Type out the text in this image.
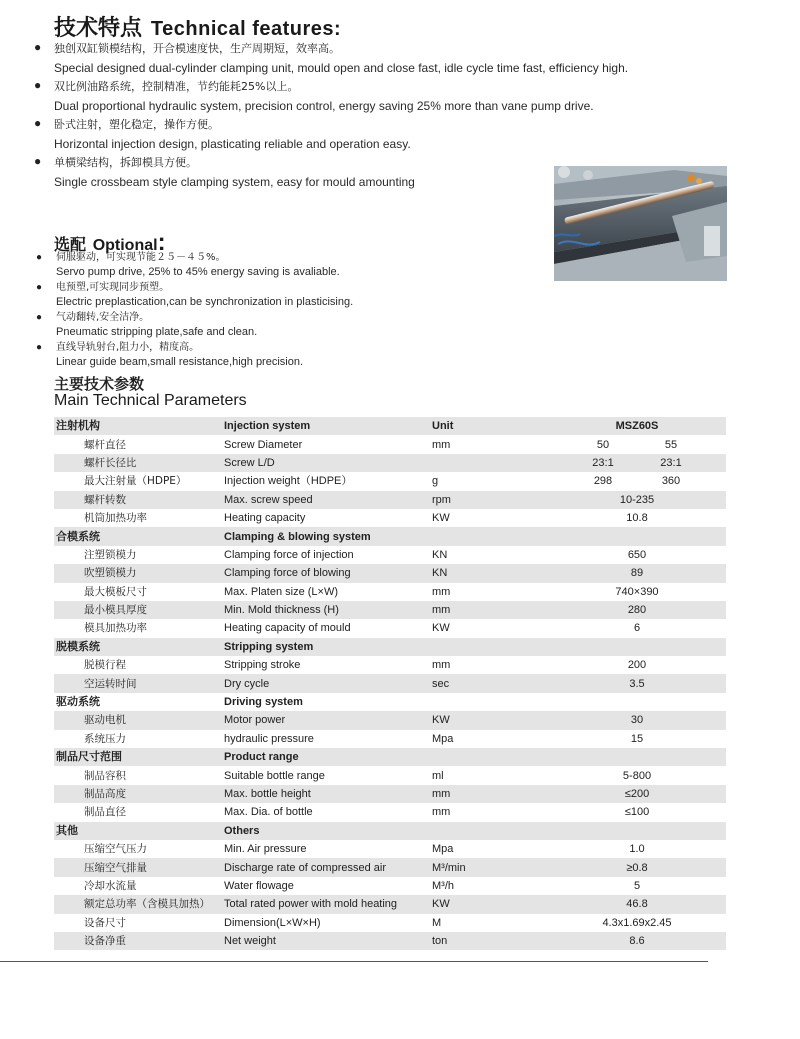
技术特点 Technical features:
● 独创双缸锁模结构，开合模速度快，生产周期短，效率高。
Special designed dual-cylinder clamping unit, mould open and close fast, idle cycle time fast, efficiency high.
● 双比例油路系统，控制精准，节约能耗25%以上。
Dual proportional hydraulic system, precision control, energy saving 25% more than vane pump drive.
● 卧式注射，塑化稳定，操作方便。
Horizontal injection design, plasticating reliable and operation easy.
● 单横梁结构，拆卸模具方便。
Single crossbeam style clamping system, easy for mould amounting
选配 Optional:
● 伺服驱动，可实现节能２５－４５%。
Servo pump drive, 25% to 45% energy saving is avaliable.
● 电预塑,可实现同步预塑。
Electric preplastication,can be synchronization in plasticising.
● 气动翻转,安全洁净。
Pneumatic stripping plate,safe and clean.
● 直线导轨射台,阻力小，精度高。
Linear guide beam,small resistance,high precision.
主要技术参数
Main Technical Parameters
注射机构	Injection system	Unit	MSZ60S
螺杆直径	Screw Diameter	mm	50 55
螺杆长径比	Screw L/D		23:1 23:1
最大注射量（HDPE）	Injection weight（HDPE）	g	298 360
螺杆转数	Max. screw speed	rpm	10-235
机筒加热功率	Heating capacity	KW	10.8
合模系统	Clamping & blowing system		
注塑锁模力	Clamping force of injection	KN	650
吹塑锁模力	Clamping force of blowing	KN	89
最大模板尺寸	Max. Platen size (L×W)	mm	740×390
最小模具厚度	Min. Mold thickness (H)	mm	280
模具加热功率	Heating capacity of mould	KW	6
脱模系统	Stripping system		
脱模行程	Stripping stroke	mm	200
空运转时间	Dry cycle	sec	3.5
驱动系统	Driving system		
驱动电机	Motor power	KW	30
系统压力	hydraulic pressure	Mpa	15
制品尺寸范围	Product range		
制品容积	Suitable bottle range	ml	5-800
制品高度	Max. bottle height	mm	≤200
制品直径	Max. Dia. of bottle	mm	≤100
其他	Others		
压缩空气压力	Min. Air pressure	Mpa	1.0
压缩空气排量	Discharge rate of compressed air	M³/min	≥0.8
冷却水流量	Water flowage	M³/h	5
额定总功率（含模具加热）	Total rated power with mold heating	KW	46.8
设备尺寸	Dimension(L×W×H)	M	4.3x1.69x2.45
设备净重	Net weight	ton	8.6
